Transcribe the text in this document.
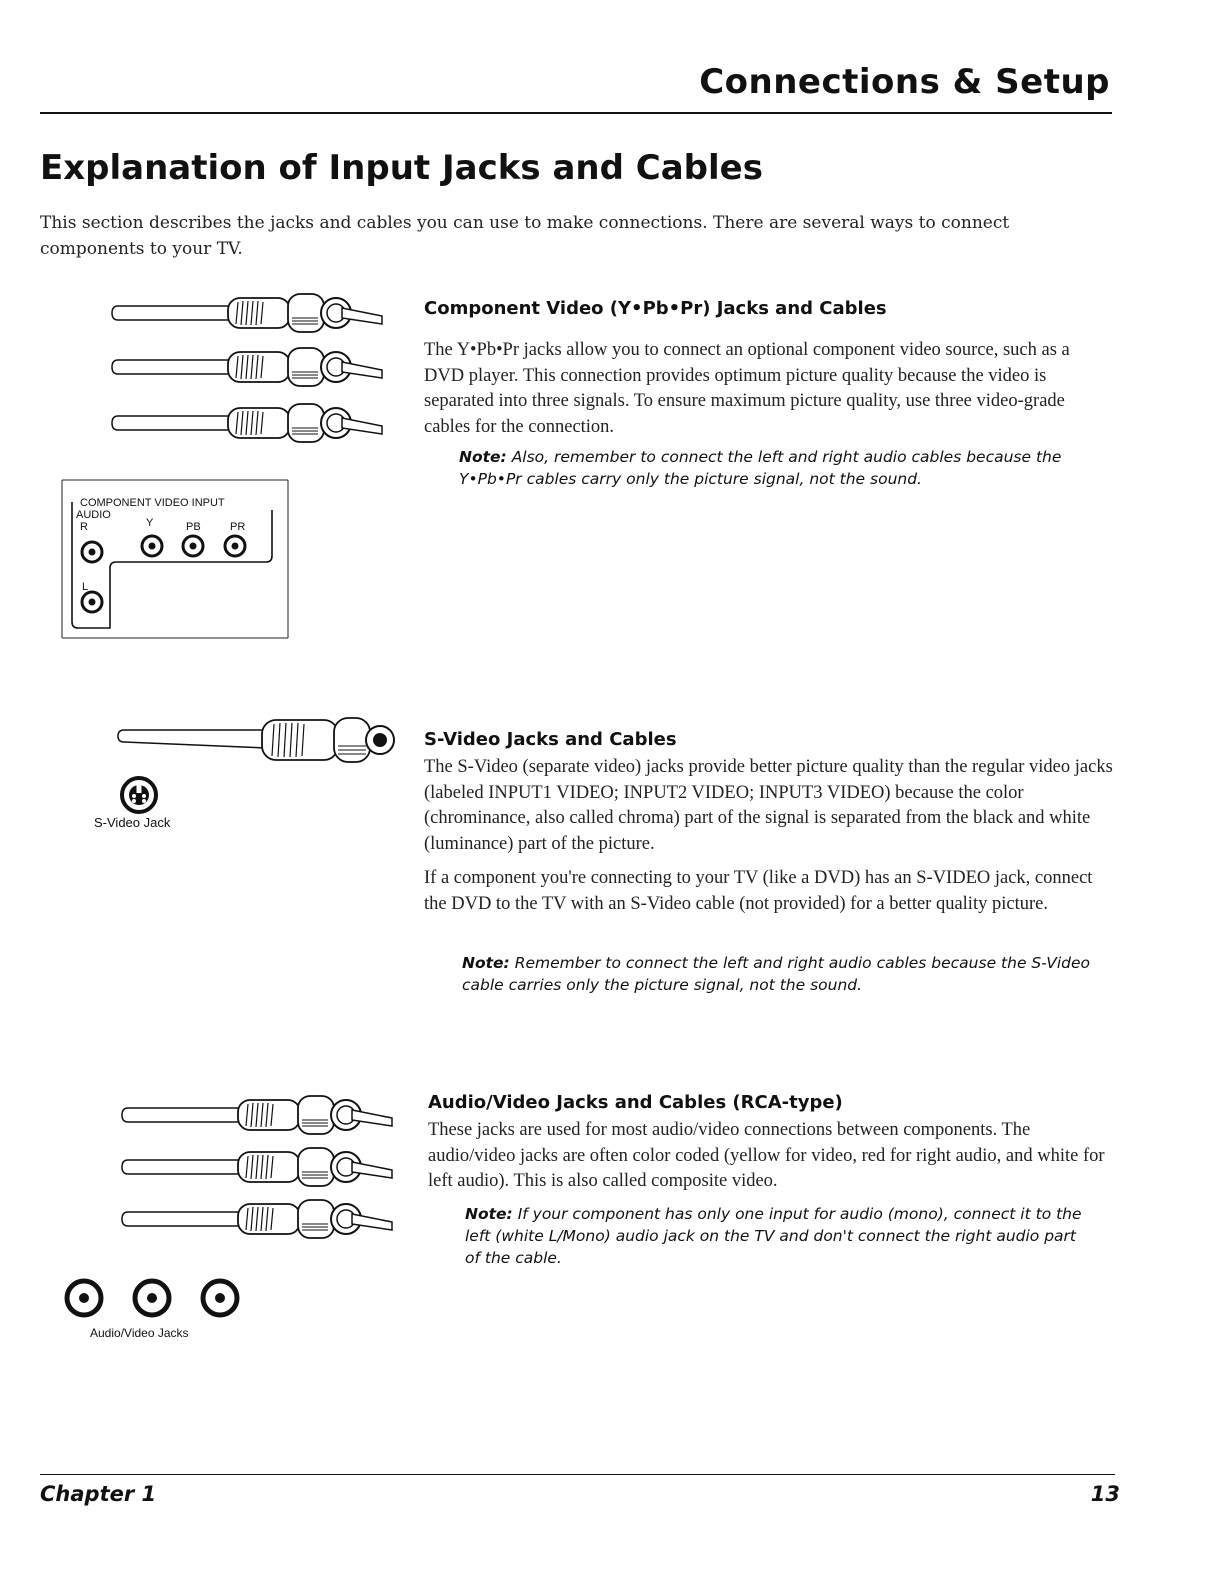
Connections & Setup
Explanation of Input Jacks and Cables
This section describes the jacks and cables you can use to make connections. There are several ways to connect components to your TV.
COMPONENT VIDEO INPUT
AUDIO
R	Y	PB	PR
L
Component Video (Y•Pb•Pr) Jacks and Cables

The Y•Pb•Pr jacks allow you to connect an optional component video source, such as a DVD player. This connection provides optimum picture quality because the video is separated into three signals. To ensure maximum picture quality, use three video-grade cables for the connection.

Note: Also, remember to connect the left and right audio cables because the Y•Pb•Pr cables carry only the picture signal, not the sound.
S-Video Jack
S-Video Jacks and Cables

The S-Video (separate video) jacks provide better picture quality than the regular video jacks (labeled INPUT1 VIDEO; INPUT2 VIDEO; INPUT3 VIDEO) because the color (chrominance, also called chroma) part of the signal is separated from the black and white (luminance) part of the picture.

If a component you're connecting to your TV (like a DVD) has an S-VIDEO jack, connect the DVD to the TV with an S-Video cable (not provided) for a better quality picture.

Note: Remember to connect the left and right audio cables because the S-Video cable carries only the picture signal, not the sound.
Audio/Video Jacks
Audio/Video Jacks and Cables (RCA-type)

These jacks are used for most audio/video connections between components. The audio/video jacks are often color coded (yellow for video, red for right audio, and white for left audio). This is also called composite video.

Note: If your component has only one input for audio (mono), connect it to the left (white L/Mono) audio jack on the TV and don't connect the right audio part of the cable.
Chapter 1	13
